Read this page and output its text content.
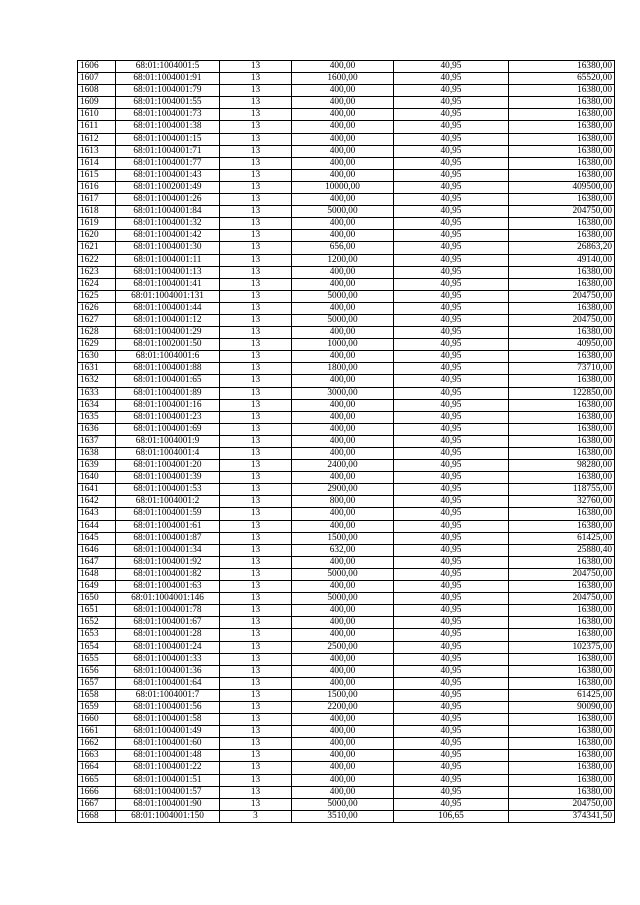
1606	68:01:1004001:5	13	400,00	40,95	16380,00
1607	68:01:1004001:91	13	1600,00	40,95	65520,00
1608	68:01:1004001:79	13	400,00	40,95	16380,00
1609	68:01:1004001:55	13	400,00	40,95	16380,00
1610	68:01:1004001:73	13	400,00	40,95	16380,00
1611	68:01:1004001:38	13	400,00	40,95	16380,00
1612	68:01:1004001:15	13	400,00	40,95	16380,00
1613	68:01:1004001:71	13	400,00	40,95	16380,00
1614	68:01:1004001:77	13	400,00	40,95	16380,00
1615	68:01:1004001:43	13	400,00	40,95	16380,00
1616	68:01:1002001:49	13	10000,00	40,95	409500,00
1617	68:01:1004001:26	13	400,00	40,95	16380,00
1618	68:01:1004001:84	13	5000,00	40,95	204750,00
1619	68:01:1004001:32	13	400,00	40,95	16380,00
1620	68:01:1004001:42	13	400,00	40,95	16380,00
1621	68:01:1004001:30	13	656,00	40,95	26863,20
1622	68:01:1004001:11	13	1200,00	40,95	49140,00
1623	68:01:1004001:13	13	400,00	40,95	16380,00
1624	68:01:1004001:41	13	400,00	40,95	16380,00
1625	68:01:1004001:131	13	5000,00	40,95	204750,00
1626	68:01:1004001:44	13	400,00	40,95	16380,00
1627	68:01:1004001:12	13	5000,00	40,95	204750,00
1628	68:01:1004001:29	13	400,00	40,95	16380,00
1629	68:01:1002001:50	13	1000,00	40,95	40950,00
1630	68:01:1004001:6	13	400,00	40,95	16380,00
1631	68:01:1004001:88	13	1800,00	40,95	73710,00
1632	68:01:1004001:65	13	400,00	40,95	16380,00
1633	68:01:1004001:89	13	3000,00	40,95	122850,00
1634	68:01:1004001:16	13	400,00	40,95	16380,00
1635	68:01:1004001:23	13	400,00	40,95	16380,00
1636	68:01:1004001:69	13	400,00	40,95	16380,00
1637	68:01:1004001:9	13	400,00	40,95	16380,00
1638	68:01:1004001:4	13	400,00	40,95	16380,00
1639	68:01:1004001:20	13	2400,00	40,95	98280,00
1640	68:01:1004001:39	13	400,00	40,95	16380,00
1641	68:01:1004001:53	13	2900,00	40,95	118755,00
1642	68:01:1004001:2	13	800,00	40,95	32760,00
1643	68:01:1004001:59	13	400,00	40,95	16380,00
1644	68:01:1004001:61	13	400,00	40,95	16380,00
1645	68:01:1004001:87	13	1500,00	40,95	61425,00
1646	68:01:1004001:34	13	632,00	40,95	25880,40
1647	68:01:1004001:92	13	400,00	40,95	16380,00
1648	68:01:1004001:82	13	5000,00	40,95	204750,00
1649	68:01:1004001:63	13	400,00	40,95	16380,00
1650	68:01:1004001:146	13	5000,00	40,95	204750,00
1651	68:01:1004001:78	13	400,00	40,95	16380,00
1652	68:01:1004001:67	13	400,00	40,95	16380,00
1653	68:01:1004001:28	13	400,00	40,95	16380,00
1654	68:01:1004001:24	13	2500,00	40,95	102375,00
1655	68:01:1004001:33	13	400,00	40,95	16380,00
1656	68:01:1004001:36	13	400,00	40,95	16380,00
1657	68:01:1004001:64	13	400,00	40,95	16380,00
1658	68:01:1004001:7	13	1500,00	40,95	61425,00
1659	68:01:1004001:56	13	2200,00	40,95	90090,00
1660	68:01:1004001:58	13	400,00	40,95	16380,00
1661	68:01:1004001:49	13	400,00	40,95	16380,00
1662	68:01:1004001:60	13	400,00	40,95	16380,00
1663	68:01:1004001:48	13	400,00	40,95	16380,00
1664	68:01:1004001:22	13	400,00	40,95	16380,00
1665	68:01:1004001:51	13	400,00	40,95	16380,00
1666	68:01:1004001:57	13	400,00	40,95	16380,00
1667	68:01:1004001:90	13	5000,00	40,95	204750,00
1668	68:01:1004001:150	3	3510,00	106,65	374341,50
